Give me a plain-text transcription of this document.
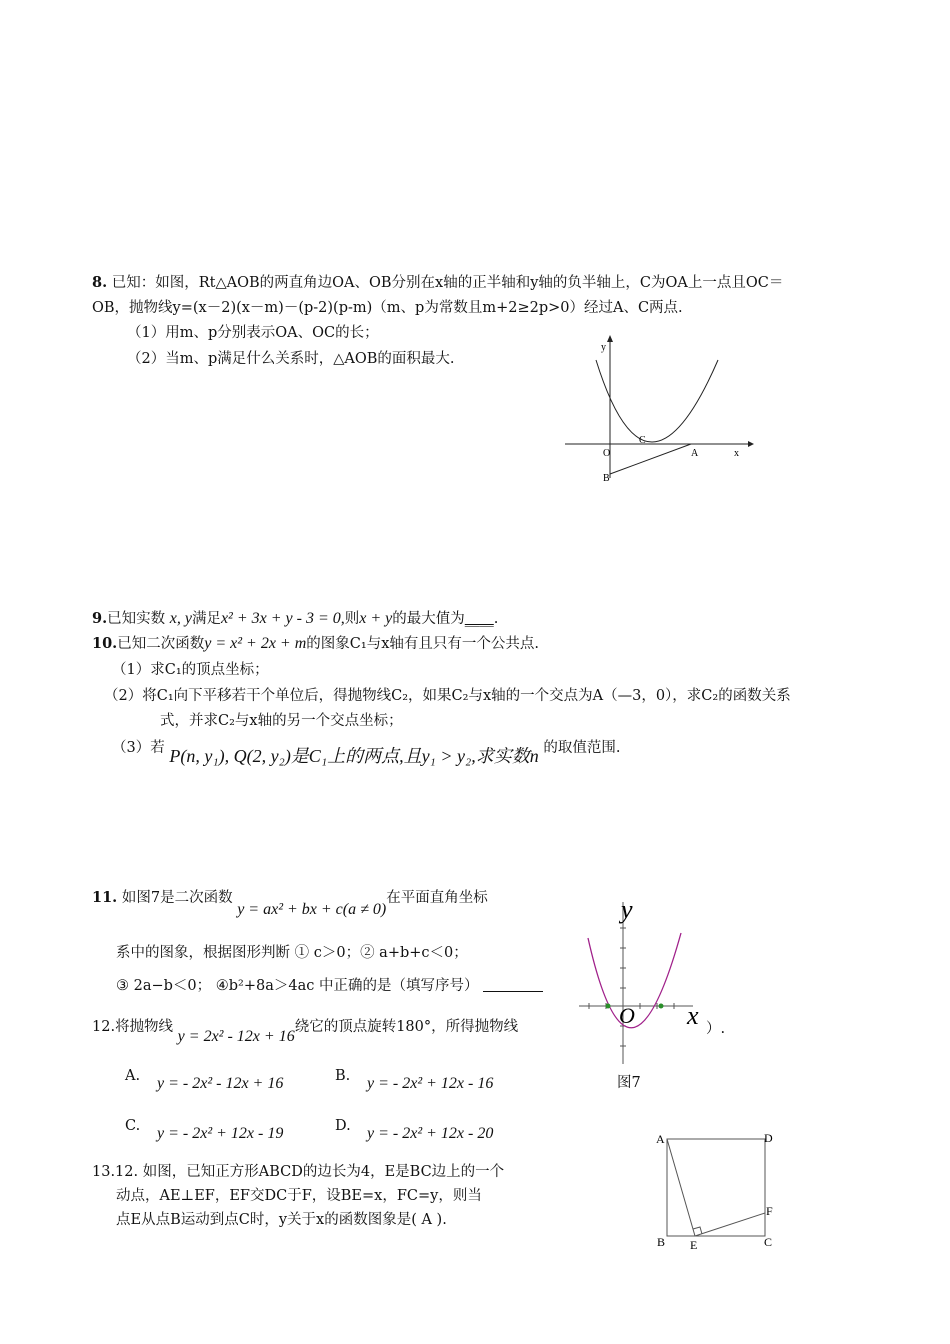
8. 已知：如图，Rt△AOB的两直角边OA、OB分别在x轴的正半轴和y轴的负半轴上，C为OA上一点且OC＝
OB，抛物线y=(x－2)(x－m)－(p-2)(p-m)（m、p为常数且m+2≥2p>0）经过A、C两点.
（1）用m、p分别表示OA、OC的长；
（2）当m、p满足什么关系时，△AOB的面积最大.
y
x
O
C
A
B
9.已知实数 x, y满足x² + 3x + y - 3 = 0,则x + y的最大值为____.
10.已知二次函数y = x² + 2x + m的图象C₁与x轴有且只有一个公共点.
（1）求C₁的顶点坐标；
（2）将C₁向下平移若干个单位后，得抛物线C₂，如果C₂与x轴的一个交点为A（—3，0），求C₂的函数关系
式，并求C₂与x轴的另一个交点坐标；
（3）若 P(n, y₁), Q(2, y₂)是C₁上的两点,且y₁ > y₂,求实数n 的取值范围.
11. 如图7是二次函数 y = ax² + bx + c(a ≠ 0)在平面直角坐标
系中的图象，根据图形判断 ① c＞0；② a+b+c＜0；
③ 2a−b＜0； ④b²+8a＞4ac 中正确的是（填写序号）
12.将抛物线 y = 2x² - 12x + 16绕它的顶点旋转180°，所得抛物线	）.
A. y = - 2x² - 12x + 16	B. y = - 2x² + 12x - 16
C. y = - 2x² + 12x - 19	D. y = - 2x² + 12x - 20
y
x
O
图7
13.12. 如图，已知正方形ABCD的边长为4，E是BC边上的一个
动点，AE⊥EF，EF交DC于F，设BE=x，FC=y，则当
点E从点B运动到点C时，y关于x的函数图象是( A ).
A	D
F
B E	C
